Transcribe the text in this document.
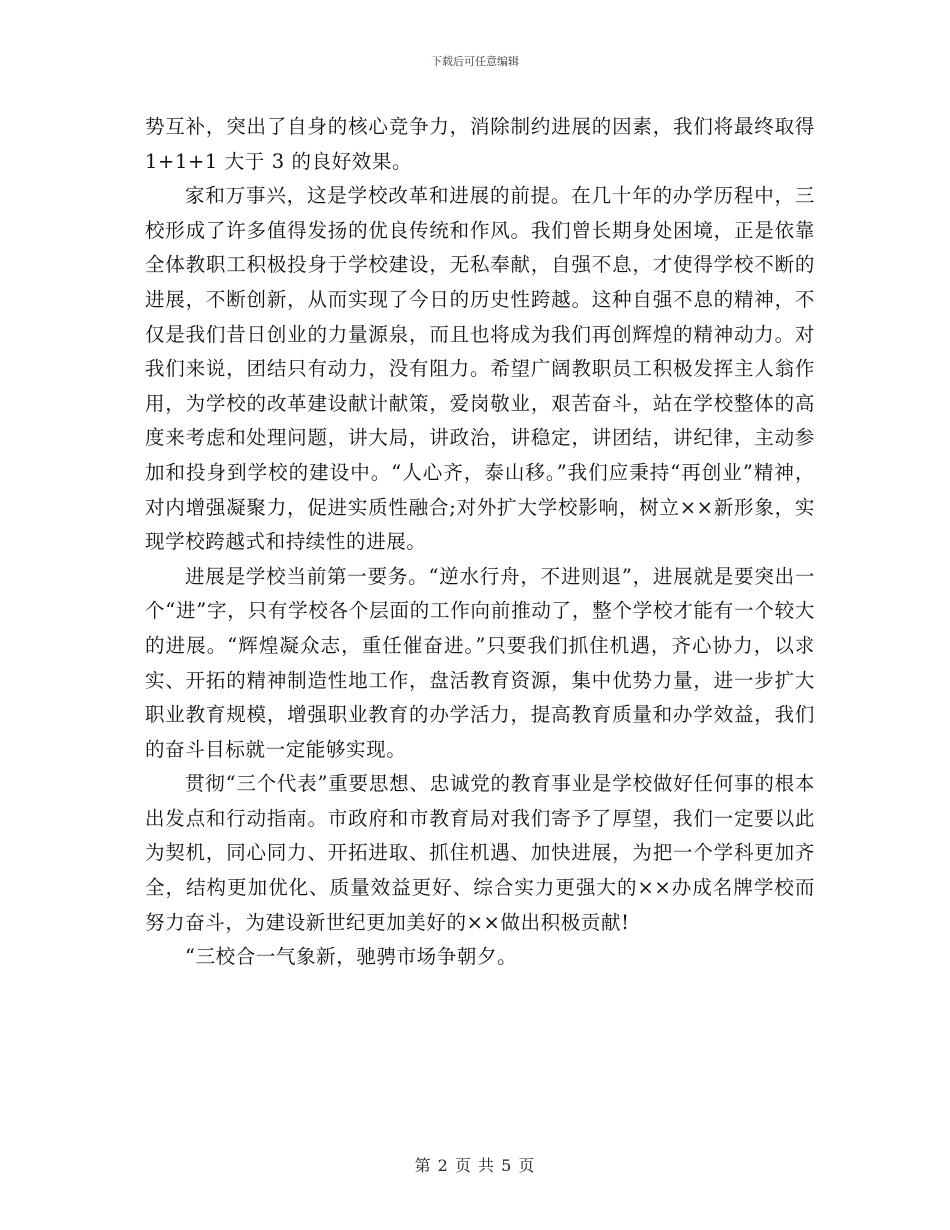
下载后可任意编辑

势互补，突出了自身的核心竞争力，消除制约进展的因素，我们将最终取得 1+1+1 大于 3 的良好效果。

家和万事兴，这是学校改革和进展的前提。在几十年的办学历程中，三校形成了许多值得发扬的优良传统和作风。我们曾长期身处困境，正是依靠全体教职工积极投身于学校建设，无私奉献，自强不息，才使得学校不断的进展，不断创新，从而实现了今日的历史性跨越。这种自强不息的精神，不仅是我们昔日创业的力量源泉，而且也将成为我们再创辉煌的精神动力。对我们来说，团结只有动力，没有阻力。希望广阔教职员工积极发挥主人翁作用，为学校的改革建设献计献策，爱岗敬业，艰苦奋斗，站在学校整体的高度来考虑和处理问题，讲大局，讲政治，讲稳定，讲团结，讲纪律，主动参加和投身到学校的建设中。“人心齐，泰山移。”我们应秉持“再创业”精神，对内增强凝聚力，促进实质性融合;对外扩大学校影响，树立××新形象，实现学校跨越式和持续性的进展。

进展是学校当前第一要务。“逆水行舟，不进则退”，进展就是要突出一个“进”字，只有学校各个层面的工作向前推动了，整个学校才能有一个较大的进展。“辉煌凝众志，重任催奋进。”只要我们抓住机遇，齐心协力，以求实、开拓的精神制造性地工作，盘活教育资源，集中优势力量，进一步扩大职业教育规模，增强职业教育的办学活力，提高教育质量和办学效益，我们的奋斗目标就一定能够实现。

贯彻“三个代表”重要思想、忠诚党的教育事业是学校做好任何事的根本出发点和行动指南。市政府和市教育局对我们寄予了厚望，我们一定要以此为契机，同心同力、开拓进取、抓住机遇、加快进展，为把一个学科更加齐全，结构更加优化、质量效益更好、综合实力更强大的××办成名牌学校而努力奋斗，为建设新世纪更加美好的××做出积极贡献!

“三校合一气象新，驰骋市场争朝夕。

第 2 页 共 5 页
